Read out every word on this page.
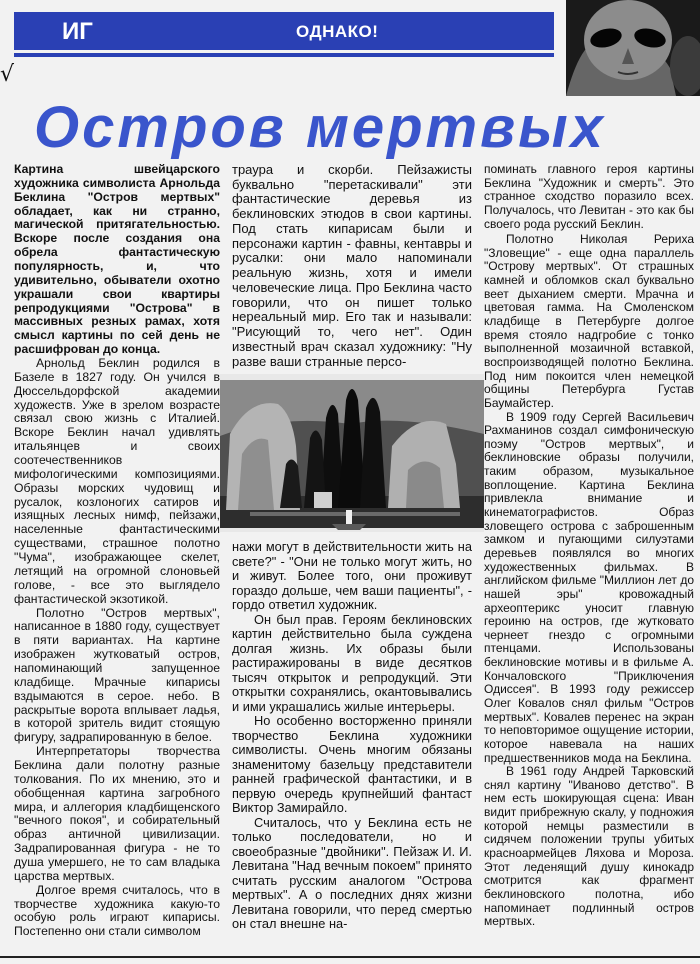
ИГ	ОДНАКО!
√
Остров мертвых

Картина швейцарского художника символиста Арнольда Беклина "Остров мертвых" обладает, как ни странно, магической притягательностью. Вскоре после создания она обрела фантастическую популярность, и, что удивительно, обыватели охотно украшали свои квартиры репродукциями "Острова" в массивных резных рамах, хотя смысл картины по сей день не расшифрован до конца.

Арнольд Беклин родился в Базеле в 1827 году. Он учился в Дюссельдорфской академии художеств. Уже в зрелом возрасте связал свою жизнь с Италией. Вскоре Беклин начал удивлять итальянцев и своих соотечественников мифологическими композициями. Образы морских чудовищ и русалок, козлоногих сатиров и изящных лесных нимф, пейзажи, населенные фантастическими существами, страшное полотно "Чума", изображающее скелет, летящий на огромной слоновьей голове, - все это выглядело фантастической экзотикой.

Полотно "Остров мертвых", написанное в 1880 году, существует в пяти вариантах. На картине изображен жутковатый остров, напоминающий запущенное кладбище. Мрачные кипарисы вздымаются в серое. небо. В раскрытые ворота вплывает ладья, в которой зритель видит стоящую фигуру, задрапированную в белое.

Интерпретаторы творчества Беклина дали полотну разные толкования. По их мнению, это и обобщенная картина загробного мира, и аллегория кладбищенского "вечного покоя", и собирательный образ античной цивилизации. Задрапированная фигура - не то душа умершего, не то сам владыка царства мертвых.

Долгое время считалось, что в творчестве художника какую-то особую роль играют кипарисы. Постепенно они стали символом

траура и скорби. Пейзажисты буквально "перетаскивали" эти фантастические деревья из беклиновских этюдов в свои картины. Под стать кипарисам были и персонажи картин - фавны, кентавры и русалки: они мало напоминали реальную жизнь, хотя и имели человеческие лица. Про Беклина часто говорили, что он пишет только нереальный мир. Его так и называли: "Рисующий то, чего нет". Один известный врач сказал художнику: "Ну разве ваши странные персо-

нажи могут в действительности жить на свете?" - "Они не только могут жить, но и живут. Более того, они проживут гораздо дольше, чем ваши пациенты", - гордо ответил художник.

Он был прав. Героям беклиновских картин действительно была суждена долгая жизнь. Их образы были растиражированы в виде десятков тысяч открыток и репродукций. Эти открытки сохранялись, окантовывались и ими украшались жилые интерьеры.

Но особенно восторженно приняли творчество Беклина художники символисты. Очень многим обязаны знаменитому базельцу представители ранней графической фантастики, и в первую очередь крупнейший фантаст Виктор Замирайло.

Считалось, что у Беклина есть не только последователи, но и своеобразные "двойники". Пейзаж И. И. Левитана "Над вечным покоем" принято считать русским аналогом "Острова мертвых". А о последних днях жизни Левитана говорили, что перед смертью он стал внешне на-

поминать главного героя картины Беклина "Художник и смерть". Это странное сходство поразило всех. Получалось, что Левитан - это как бы своего рода русский Беклин.

Полотно Николая Рериха "Зловещие" - еще одна параллель "Острову мертвых". От страшных камней и обломков скал буквально веет дыханием смерти. Мрачна и цветовая гамма. На Смоленском кладбище в Петербурге долгое время стояло надгробие с тонко выполненной мозаичной вставкой, воспроизводящей полотно Беклина. Под ним покоится член немецкой общины Петербурга Густав Баумайстер.

В 1909 году Сергей Васильевич Рахманинов создал симфоническую поэму "Остров мертвых", и беклиновские образы получили, таким образом, музыкальное воплощение. Картина Беклина привлекла внимание и кинематографистов. Образ зловещего острова с заброшенным замком и пугающими силуэтами деревьев появлялся во многих художественных фильмах. В английском фильме "Миллион лет до нашей эры" кровожадный археоптерикс уносит главную героиню на остров, где жутковато чернеет гнездо с огромными птенцами. Использованы беклиновские мотивы и в фильме А. Кончаловского "Приключения Одиссея". В 1993 году режиссер Олег Ковалов снял фильм "Остров мертвых". Ковалев перенес на экран то неповторимое ощущение истории, которое навевала на наших предшественников мода на Беклина.

В 1961 году Андрей Тарковский снял картину "Иваново детство". В нем есть шокирующая сцена: Иван видит прибрежную скалу, у подножия которой немцы разместили в сидячем положении трупы убитых красноармейцев Ляхова и Мороза. Этот леденящий душу кинокадр смотрится как фрагмент беклиновского полотна, ибо напоминает подлинный остров мертвых.
